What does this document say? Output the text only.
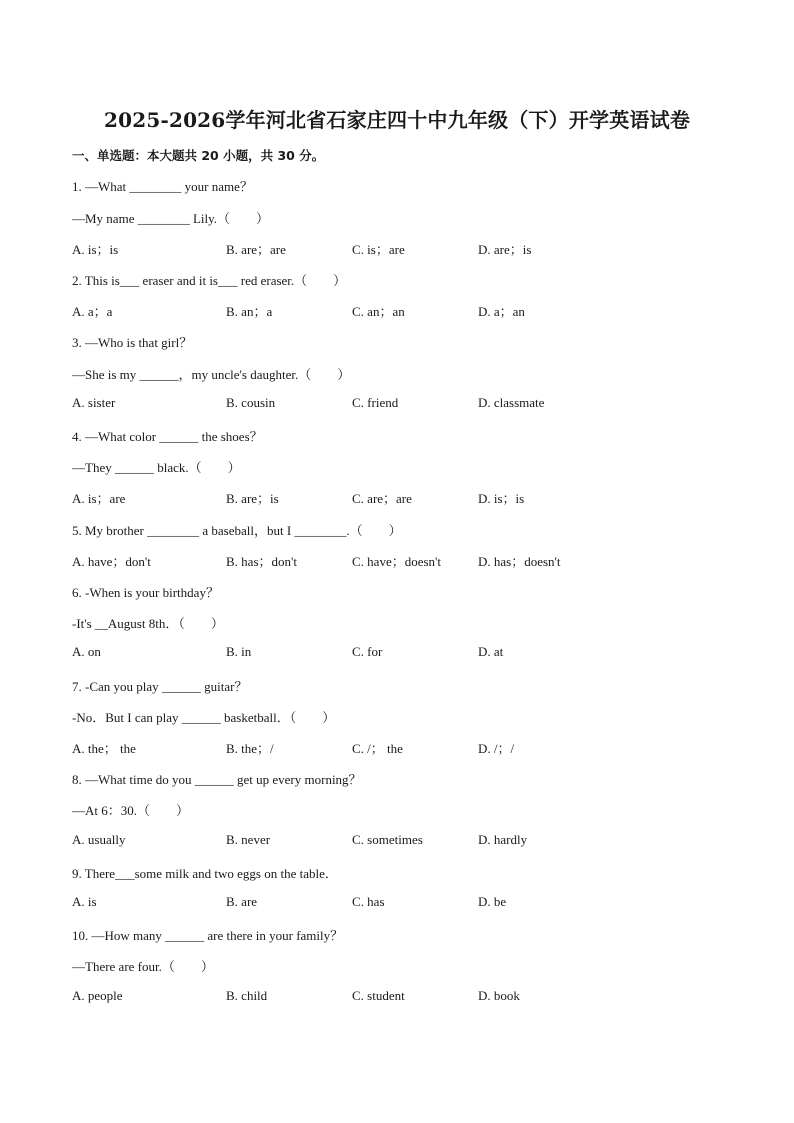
2025-2026学年河北省石家庄四十中九年级（下）开学英语试卷
一、单选题：本大题共 20 小题，共 30 分。
1. —What ________ your name？
—My name ________ Lily.（　　）
A. is；is	B. are；are	C. is；are	D. are；is
2. This is___ eraser and it is___ red eraser.（　　）
A. a；a	B. an；a	C. an；an	D. a；an
3. —Who is that girl？
—She is my ______，my uncle's daughter.（　　）
A. sister	B. cousin	C. friend	D. classmate
4. —What color ______ the shoes？
—They ______ black.（　　）
A. is；are	B. are；is	C. are；are	D. is；is
5. My brother ________ a baseball，but I ________.（　　）
A. have；don't	B. has；don't	C. have；doesn't	D. has；doesn't
6. -When is your birthday？
-It's __August 8th．（　　）
A. on	B. in	C. for	D. at
7. -Can you play ______ guitar？
-No．But I can play ______ basketball．（　　）
A. the； the	B. the；/	C. /； the	D. /；/
8. —What time do you ______ get up every morning？
—At 6：30.（　　）
A. usually	B. never	C. sometimes	D. hardly
9. There___some milk and two eggs on the table．
A. is	B. are	C. has	D. be
10. —How many ______ are there in your family？
—There are four.（　　）
A. people	B. child	C. student	D. book
